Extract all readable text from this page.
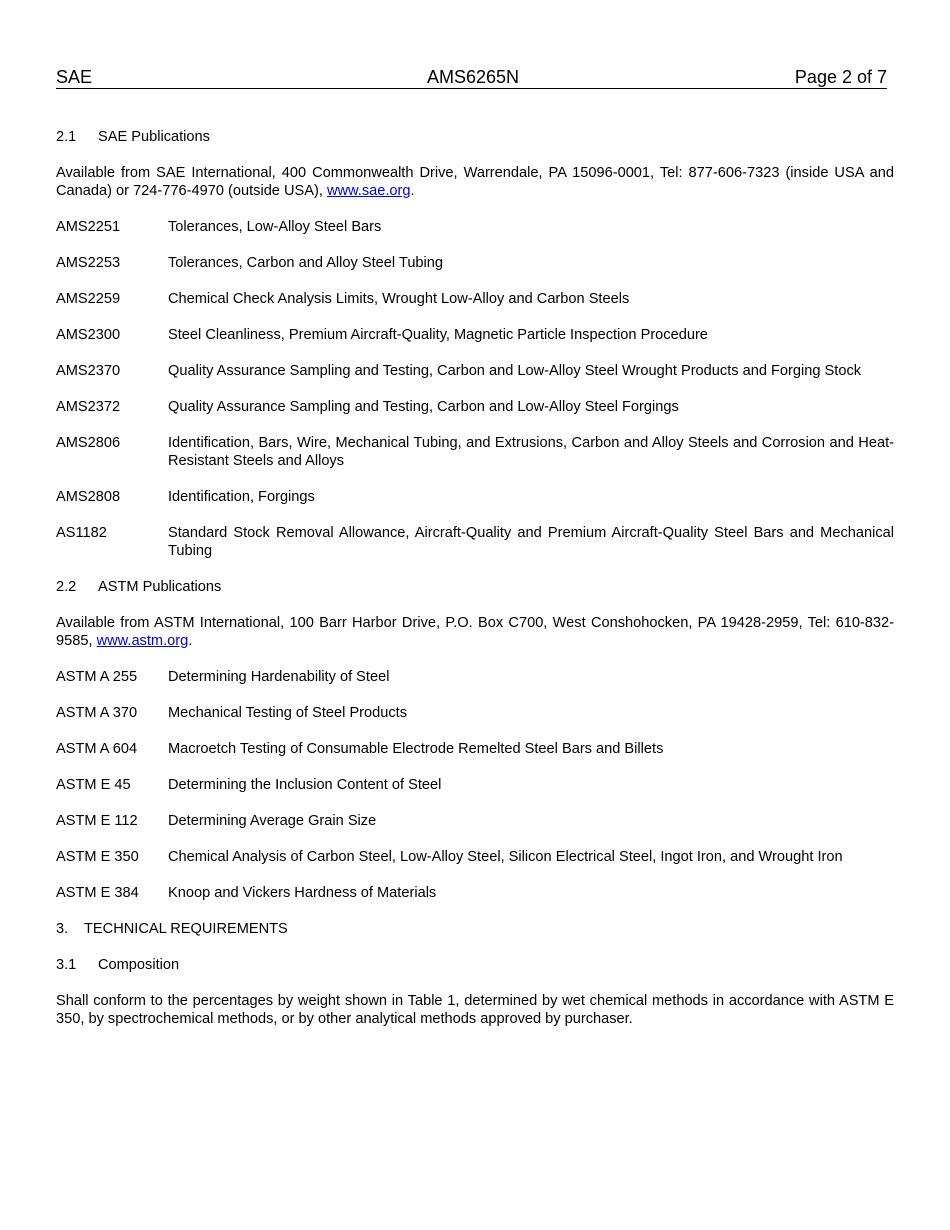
SAE	AMS6265N	Page 2 of 7
2.1 SAE Publications

Available from SAE International, 400 Commonwealth Drive, Warrendale, PA 15096-0001, Tel: 877-606-7323 (inside USA and Canada) or 724-776-4970 (outside USA), www.sae.org.

AMS2251	Tolerances, Low-Alloy Steel Bars
AMS2253	Tolerances, Carbon and Alloy Steel Tubing
AMS2259	Chemical Check Analysis Limits, Wrought Low-Alloy and Carbon Steels
AMS2300	Steel Cleanliness, Premium Aircraft-Quality, Magnetic Particle Inspection Procedure
AMS2370	Quality Assurance Sampling and Testing, Carbon and Low-Alloy Steel Wrought Products and Forging Stock
AMS2372	Quality Assurance Sampling and Testing, Carbon and Low-Alloy Steel Forgings
AMS2806	Identification, Bars, Wire, Mechanical Tubing, and Extrusions, Carbon and Alloy Steels and Corrosion and Heat-Resistant Steels and Alloys
AMS2808	Identification, Forgings
AS1182	Standard Stock Removal Allowance, Aircraft-Quality and Premium Aircraft-Quality Steel Bars and Mechanical Tubing
2.2 ASTM Publications

Available from ASTM International, 100 Barr Harbor Drive, P.O. Box C700, West Conshohocken, PA 19428-2959, Tel: 610-832-9585, www.astm.org.

ASTM A 255	Determining Hardenability of Steel
ASTM A 370	Mechanical Testing of Steel Products
ASTM A 604	Macroetch Testing of Consumable Electrode Remelted Steel Bars and Billets
ASTM E 45	Determining the Inclusion Content of Steel
ASTM E 112	Determining Average Grain Size
ASTM E 350	Chemical Analysis of Carbon Steel, Low-Alloy Steel, Silicon Electrical Steel, Ingot Iron, and Wrought Iron
ASTM E 384	Knoop and Vickers Hardness of Materials
3. TECHNICAL REQUIREMENTS
3.1 Composition

Shall conform to the percentages by weight shown in Table 1, determined by wet chemical methods in accordance with ASTM E 350, by spectrochemical methods, or by other analytical methods approved by purchaser.
